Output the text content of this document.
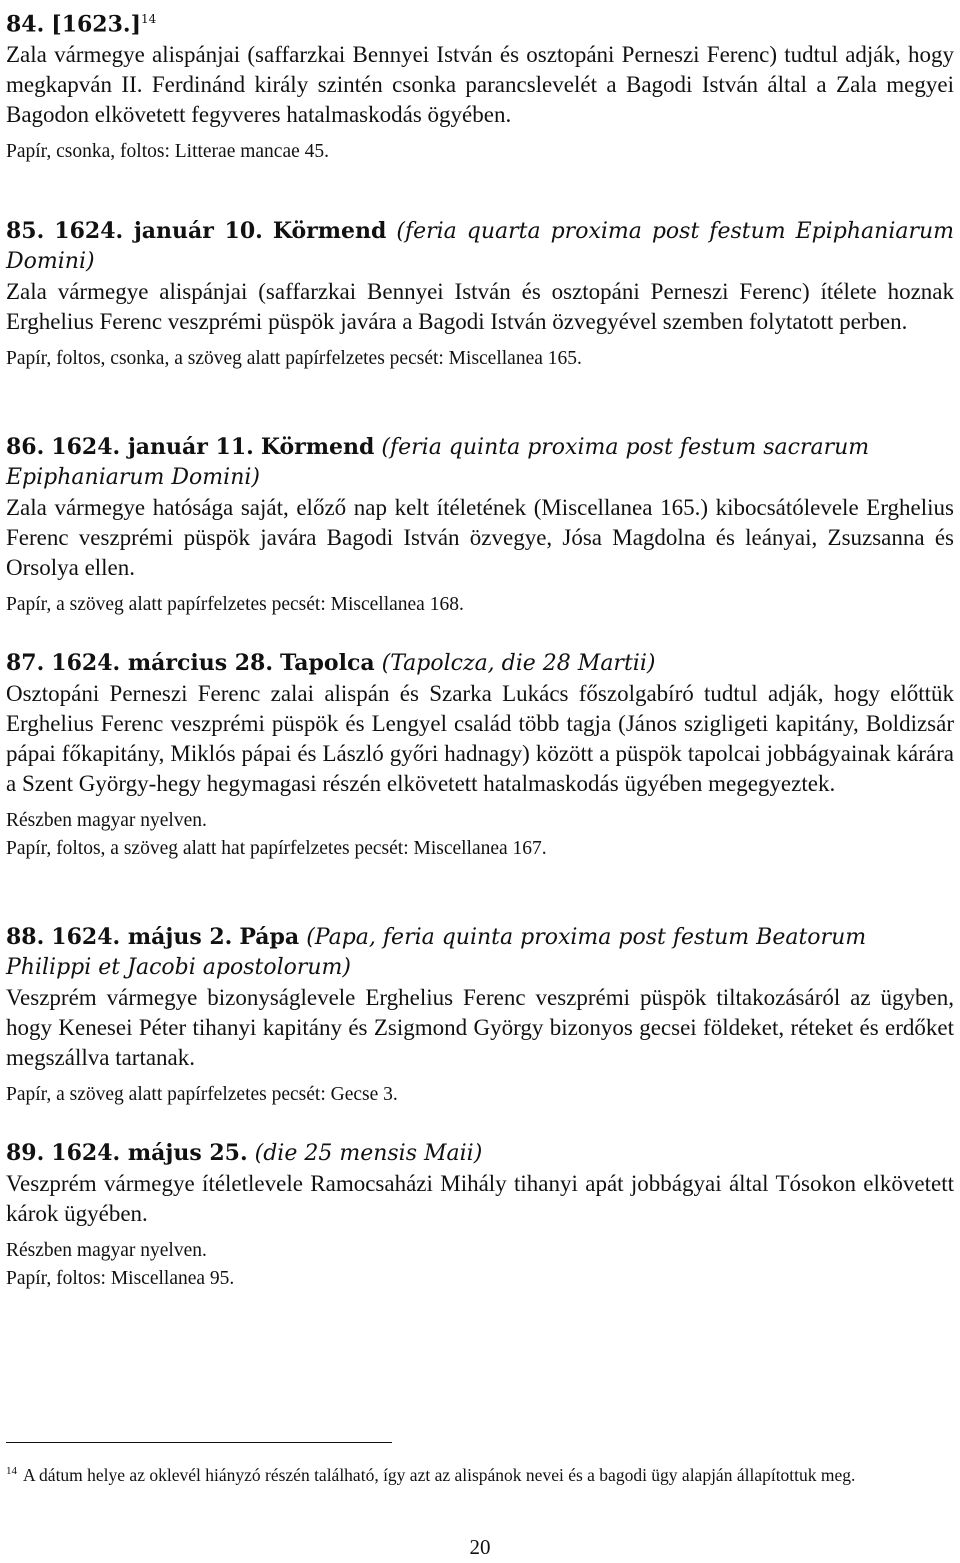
84. $[1623.]^{14}$

Zala vármegye alispánjai (saffarzkai Bennyei István és osztopáni Perneszi Ferenc) tudtul adják, hogy megkapván II. Ferdinánd király szintén csonka parancslevelét a Bagodi István által a Zala megyei Bagodon elkövetett fegyveres hatalmaskodás ögyében.

Papír, csonka, foltos: Litterae mancae 45.

85. 1624. január 10. Körmend (feria quarta proxima post festum Epiphaniarum Domini)

Zala vármegye alispánjai (saffarzkai Bennyei István és osztopáni Perneszi Ferenc) ítélete hoznak Erghelius Ferenc veszprémi püspök javára a Bagodi István özvegyével szemben folytatott perben.

Papír, foltos, csonka, a szöveg alatt papírfelzetes pecsét: Miscellanea 165.

86. 1624. január 11. Körmend (feria quinta proxima post festum sacrarum Epiphaniarum Domini)

Zala vármegye hatósága saját, előző nap kelt ítéletének (Miscellanea 165.) kibocsátólevele Erghelius Ferenc veszprémi püspök javára Bagodi István özvegye, Jósa Magdolna és leányai, Zsuzsanna és Orsolya ellen.

Papír, a szöveg alatt papírfelzetes pecsét: Miscellanea 168.

87. 1624. március 28. Tapolca (Tapolcza, die 28 Martii)

Osztopáni Perneszi Ferenc zalai alispán és Szarka Lukács főszolgabíró tudtul adják, hogy előttük Erghelius Ferenc veszprémi püspök és Lengyel család több tagja (János szigligeti kapitány, Boldizsár pápai főkapitány, Miklós pápai és László győri hadnagy) között a püspök tapolcai jobbágyainak kárára a Szent György-hegy hegymagasi részén elkövetett hatalmaskodás ügyében megegyeztek.

Részben magyar nyelven.

Papír, foltos, a szöveg alatt hat papírfelzetes pecsét: Miscellanea 167.

88. 1624. május 2. Pápa (Papa, feria quinta proxima post festum Beatorum Philippi et Jacobi apostolorum)

Veszprém vármegye bizonyságlevele Erghelius Ferenc veszprémi püspök tiltakozásáról az ügyben, hogy Kenesei Péter tihanyi kapitány és Zsigmond György bizonyos gecsei földeket, réteket és erdőket megszállva tartanak.

Papír, a szöveg alatt papírfelzetes pecsét: Gecse 3.

89. 1624. május 25. (die 25 mensis Maii)

Veszprém vármegye ítéletlevele Ramocsaházi Mihály tihanyi apát jobbágyai által Tósokon elkövetett károk ügyében.

Részben magyar nyelven.

Papír, foltos: Miscellanea 95.

$^{14}$ A dátum helye az oklevél hiányzó részén található, így azt az alispánok nevei és a bagodi ügy alapján állapítottuk meg.

20
